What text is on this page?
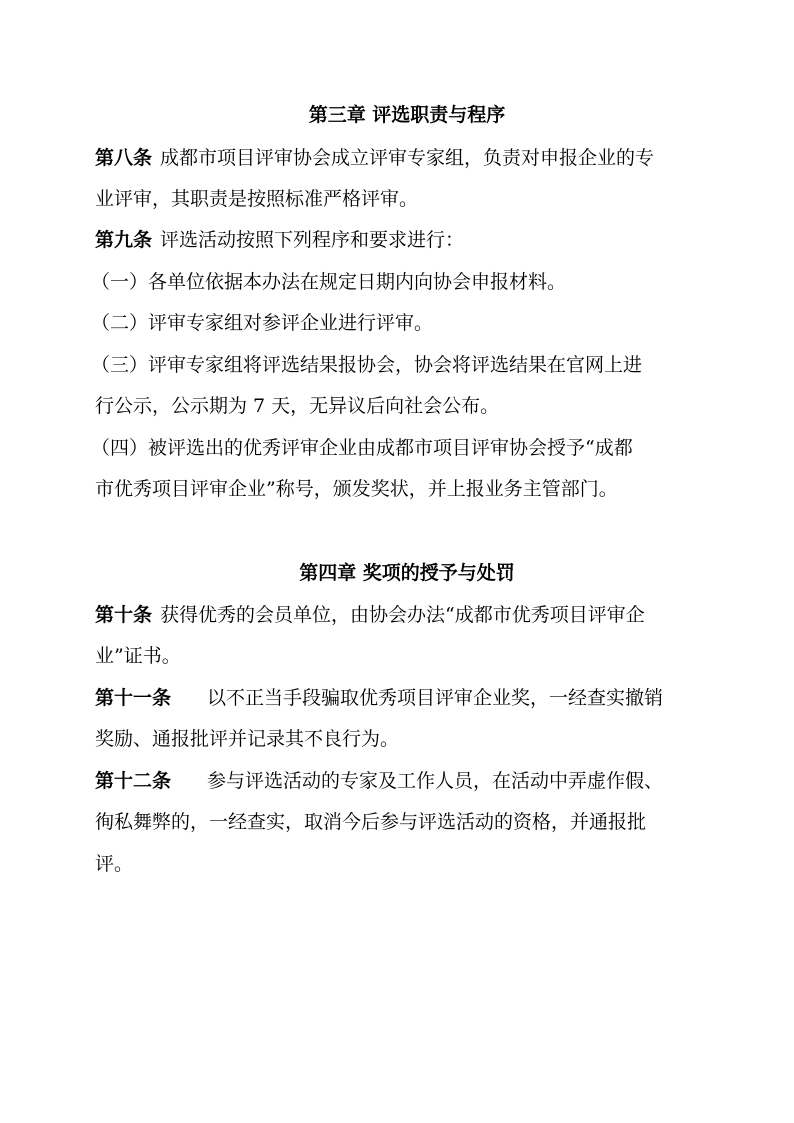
第三章 评选职责与程序
第八条 成都市项目评审协会成立评审专家组，负责对申报企业的专
业评审，其职责是按照标准严格评审。
第九条 评选活动按照下列程序和要求进行：
（一）各单位依据本办法在规定日期内向协会申报材料。
（二）评审专家组对参评企业进行评审。
（三）评审专家组将评选结果报协会，协会将评选结果在官网上进
行公示，公示期为 7 天，无异议后向社会公布。
（四）被评选出的优秀评审企业由成都市项目评审协会授予“成都
市优秀项目评审企业”称号，颁发奖状，并上报业务主管部门。
第四章 奖项的授予与处罚
第十条 获得优秀的会员单位，由协会办法“成都市优秀项目评审企
业”证书。
第十一条 以不正当手段骗取优秀项目评审企业奖，一经查实撤销
奖励、通报批评并记录其不良行为。
第十二条 参与评选活动的专家及工作人员，在活动中弄虚作假、
徇私舞弊的，一经查实，取消今后参与评选活动的资格，并通报批
评。
